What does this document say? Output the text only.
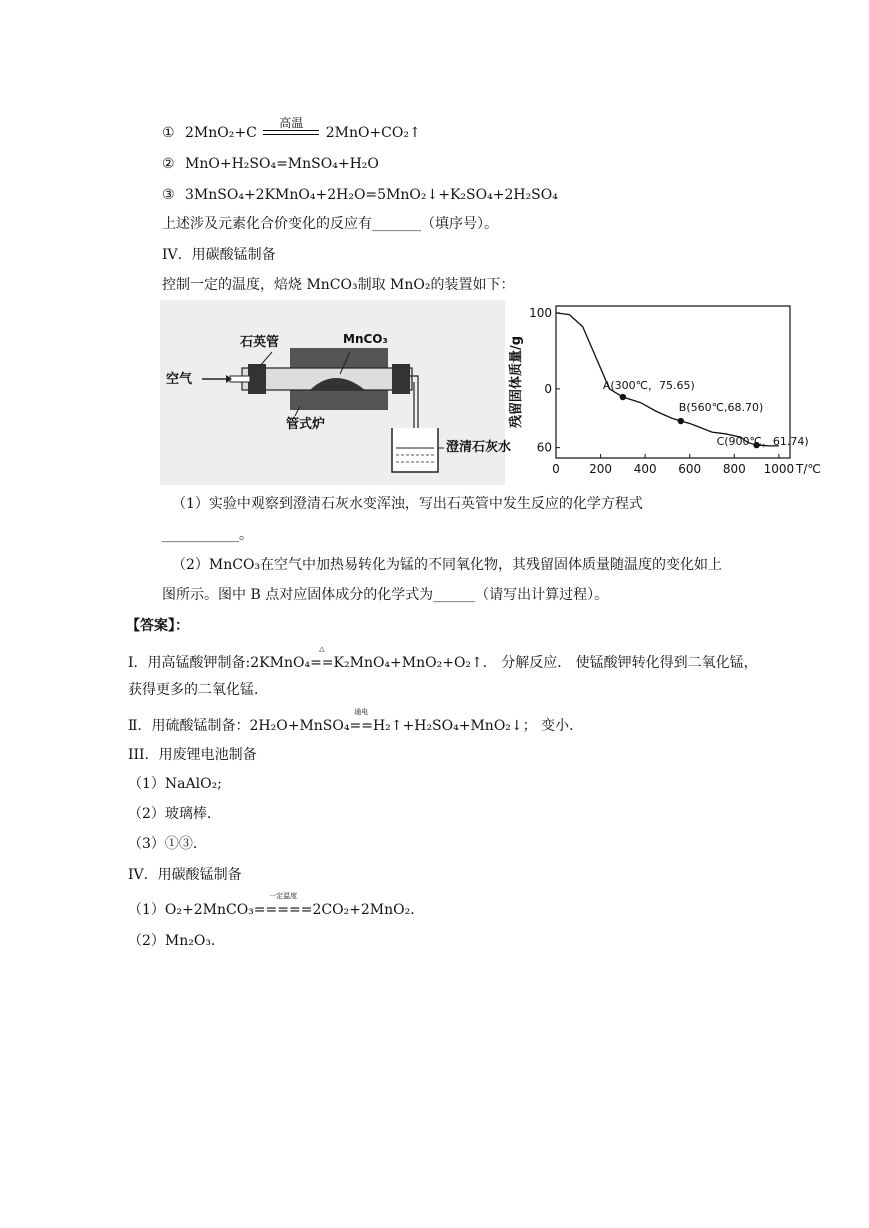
① 2MnO₂+C
高温
2MnO+CO₂↑
② MnO+H₂SO₄=MnSO₄+H₂O
③ 3MnSO₄+2KMnO₄+2H₂O=5MnO₂↓+K₂SO₄+2H₂SO₄
上述涉及元素化合价变化的反应有_______（填序号）。
IV．用碳酸锰制备
控制一定的温度，焙烧 MnCO₃制取 MnO₂的装置如下：
石英管	MnCO₃
空气
管式炉
澄清石灰水
0 200 400 600 800 1000
100
0
60
残留固体质量/g
T/℃
A(300℃，75.65)
B(560℃,68.70)
C(900℃，61.74)
（1）实验中观察到澄清石灰水变浑浊，写出石英管中发生反应的化学方程式
___________。
（2）MnCO₃在空气中加热易转化为锰的不同氧化物，其残留固体质量随温度的变化如上
图所示。图中 B 点对应固体成分的化学式为______（请写出计算过程）。
【答案】：
I．用高锰酸钾制备:2KMnO₄
△
==K₂MnO₄+MnO₂+O₂↑． 分解反应． 使锰酸钾转化得到二氧化锰，
获得更多的二氧化锰．
Ⅱ．用硫酸锰制备：2H₂O+MnSO₄
通电
==H₂↑+H₂SO₄+MnO₂↓； 变小．
III．用废锂电池制备
（1）NaAlO₂;
（2）玻璃棒．
（3）①③．
IV．用碳酸锰制备
（1）O₂+2MnCO₃
一定温度
=====2CO₂+2MnO₂．
（2）Mn₂O₃．
